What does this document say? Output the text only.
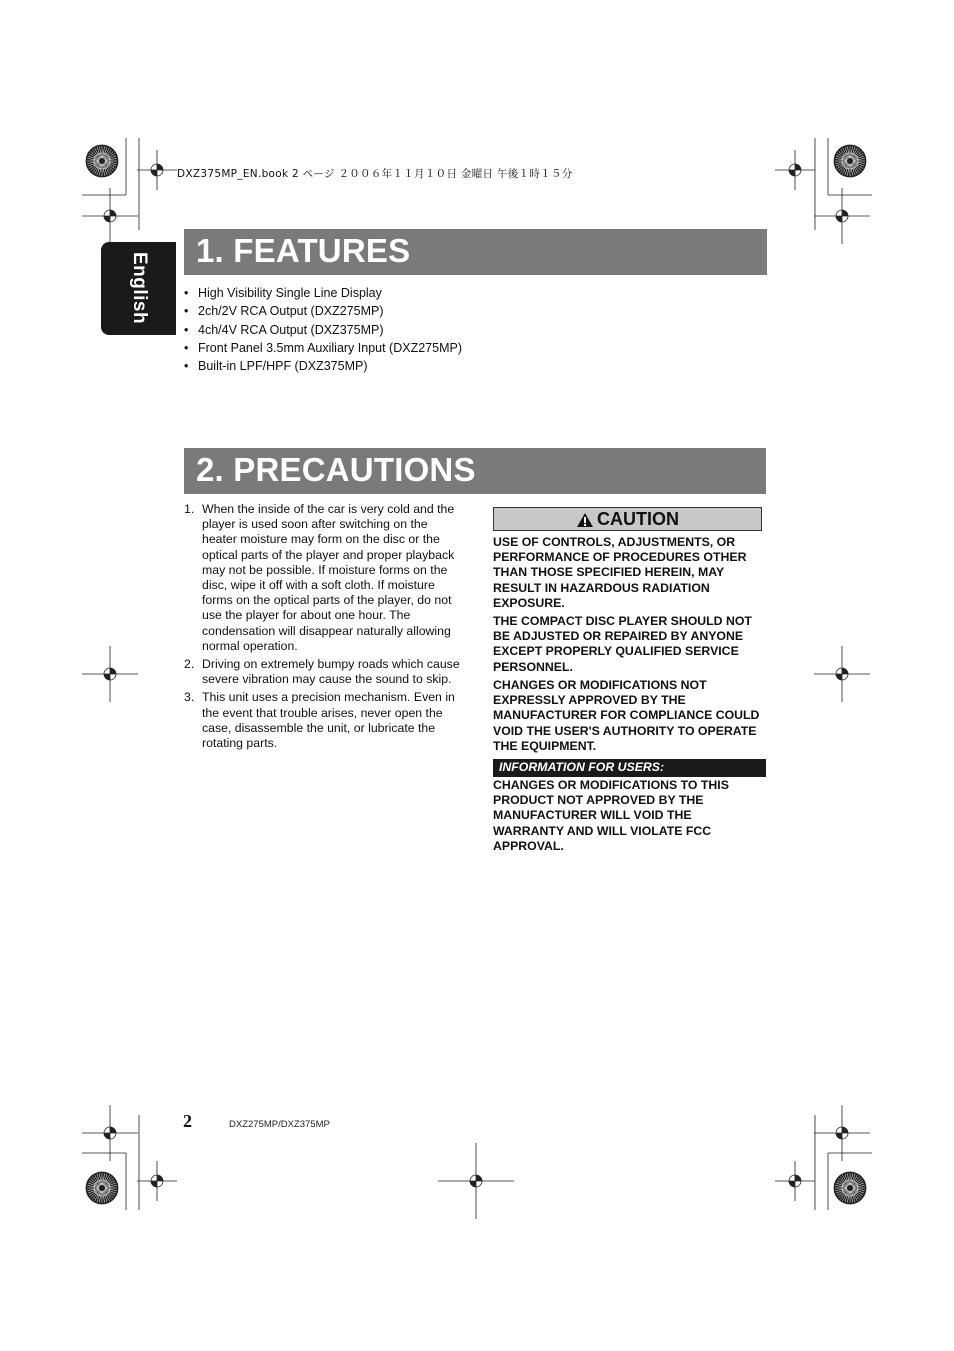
DXZ375MP_EN.book 2 ページ ２００６年１１月１０日 金曜日 午後１時１５分
English
1. FEATURES
• High Visibility Single Line Display
• 2ch/2V RCA Output (DXZ275MP)
• 4ch/4V RCA Output (DXZ375MP)
• Front Panel 3.5mm Auxiliary Input (DXZ275MP)
• Built-in LPF/HPF (DXZ375MP)
2. PRECAUTIONS
1. When the inside of the car is very cold and the player is used soon after switching on the heater moisture may form on the disc or the optical parts of the player and proper playback may not be possible. If moisture forms on the disc, wipe it off with a soft cloth. If moisture forms on the optical parts of the player, do not use the player for about one hour. The condensation will disappear naturally allowing normal operation.
2. Driving on extremely bumpy roads which cause severe vibration may cause the sound to skip.
3. This unit uses a precision mechanism. Even in the event that trouble arises, never open the case, disassemble the unit, or lubricate the rotating parts.
CAUTION

USE OF CONTROLS, ADJUSTMENTS, OR PERFORMANCE OF PROCEDURES OTHER THAN THOSE SPECIFIED HEREIN, MAY RESULT IN HAZARDOUS RADIATION EXPOSURE.

THE COMPACT DISC PLAYER SHOULD NOT BE ADJUSTED OR REPAIRED BY ANYONE EXCEPT PROPERLY QUALIFIED SERVICE PERSONNEL.

CHANGES OR MODIFICATIONS NOT EXPRESSLY APPROVED BY THE MANUFACTURER FOR COMPLIANCE COULD VOID THE USER'S AUTHORITY TO OPERATE THE EQUIPMENT.

INFORMATION FOR USERS:

CHANGES OR MODIFICATIONS TO THIS PRODUCT NOT APPROVED BY THE MANUFACTURER WILL VOID THE WARRANTY AND WILL VIOLATE FCC APPROVAL.

2	DXZ275MP/DXZ375MP
